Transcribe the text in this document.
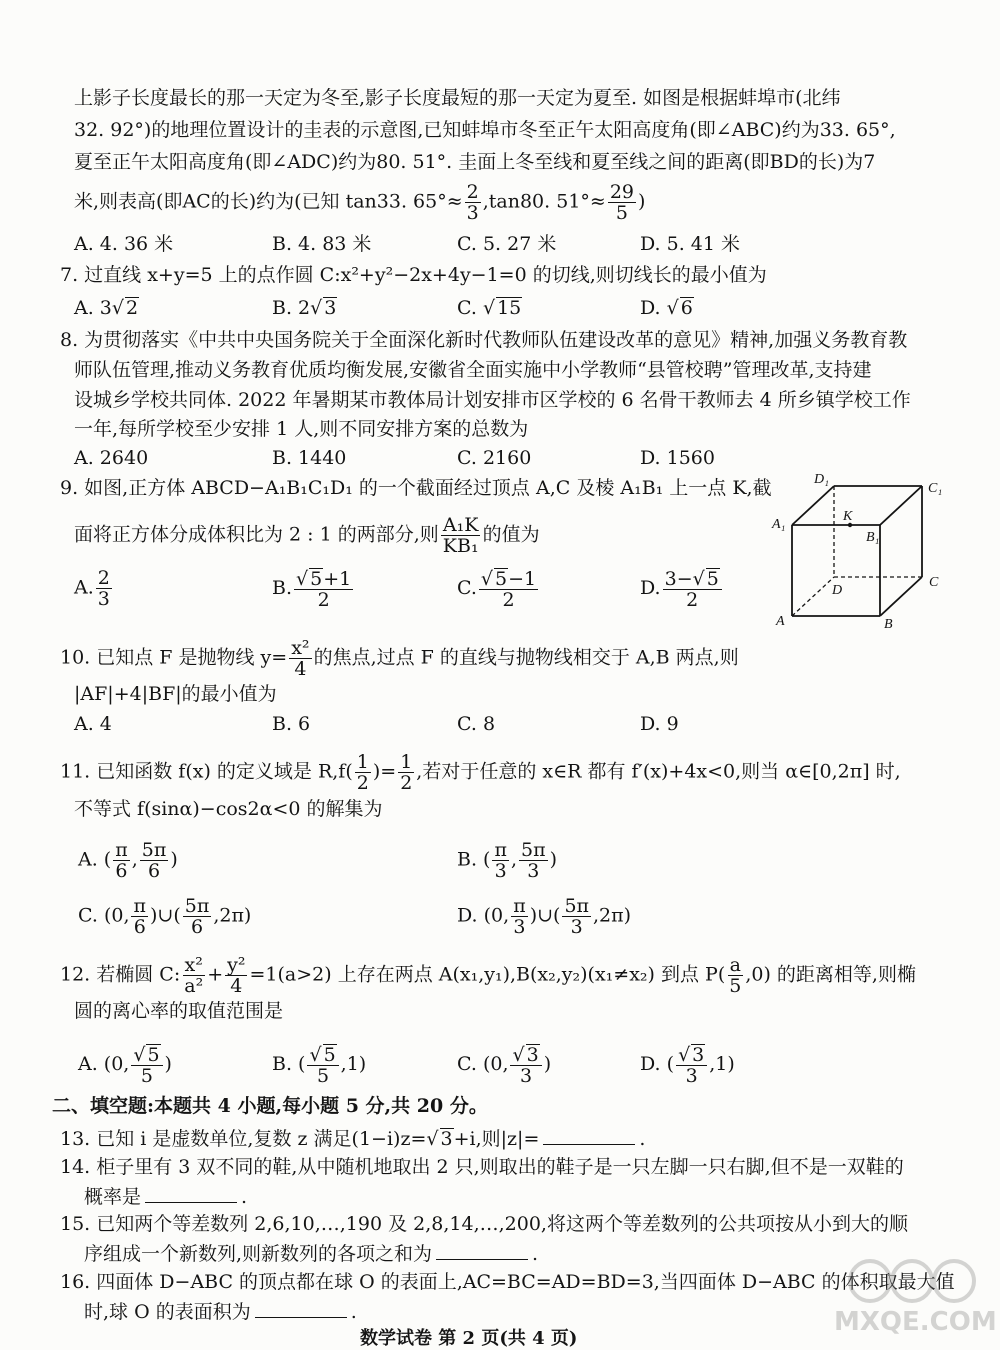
上影子长度最长的那一天定为冬至,影子长度最短的那一天定为夏至. 如图是根据蚌埠市(北纬
32. 92°)的地理位置设计的圭表的示意图,已知蚌埠市冬至正午太阳高度角(即∠ABC)约为33. 65°,
夏至正午太阳高度角(即∠ADC)约为80. 51°. 圭面上冬至线和夏至线之间的距离(即BD的长)为7
米,则表高(即AC的长)约为(已知 tan33. $65^\circ\approx \frac{2}{3} ,\tan 80$. $51^\circ\approx \frac{29}{5}$ )
A. 4. 36 米	B. 4. 83 米	C. 5. 27 米	D. 5. 41 米
7. 过直线 x+y=5 上的点作圆 C:x²+y²−2x+4y−1=0 的切线,则切线长的最小值为
A. 3√ 2	B. 2√ 3	C. √ 15	D. √ 6
8. 为贯彻落实《中共中央国务院关于全面深化新时代教师队伍建设改革的意见》精神,加强义务教育教
师队伍管理,推动义务教育优质均衡发展,安徽省全面实施中小学教师“县管校聘”管理改革,支持建
设城乡学校共同体. 2022 年暑期某市教体局计划安排市区学校的 6 名骨干教师去 4 所乡镇学校工作
一年,每所学校至少安排 1 人,则不同安排方案的总数为
A. 2640	B. 1440	C. 2160	D. 1560
9. 如图,正方体 ABCD−A₁B₁C₁D₁ 的一个截面经过顶点 A,C 及棱 A₁B₁ 上一点 K,截
面将正方体分成体积比为 2 : 1 的两部分,则 $\frac{\text{A₁K}}{\text{KB₁}}$ 的值为
A. $\frac{2}{3}$	B. $\frac{√ 5+1}{2}$	C. $\frac{√ 5-1}{2}$	D. $\frac{3-√ 5}{2}$
D₁
C₁
A₁
K
B₁
C
D
A	B
10. 已知点 F 是抛物线 $y= \frac{\text{x²}}{4}$ 的焦点,过点 F 的直线与抛物线相交于 A,B 两点,则
|AF|+4|BF|的最小值为
A. 4	B. 6	C. 8	D. 9
11. 已知函数 f(x) 的定义域是 $R,f( \frac{1}{2}$ )= $\frac{1}{2}$ ,若对于任意的 x∈R 都有 f′(x)+4x<0,则当 α∈[0,2π] 时,
不等式 f(sinα)−cos2α<0 的解集为
A. ( $\frac{\pi}{6}$ , $\frac{5\pi}{6}$ )	B. ( $\frac{\pi}{3}$ , $\frac{5\pi}{3}$ )
C. (0, $\frac{\pi}{6}$ )∪( $\frac{5\pi}{6} ,2\pi$)	D. (0, $\frac{\pi}{3}$ )∪( $\frac{5\pi}{3} ,2\pi$)
12. 若椭圆 C: $\frac{\text{x²}}{\text{a²}} + \frac{\text{y²}}{4} =1(a>2)$ 上存在两点 A(x₁,y₁),B(x₂,y₂)(x₁≠x₂) 到点 $P( \frac{a}{5} ,0)$ 的距离相等,则椭
圆的离心率的取值范围是
A. (0, $\frac{√ 5}{5}$ )	B. ( $\frac{√ 5}{5} ,1$)	C. (0, $\frac{√ 3}{3}$ )	D. ( $\frac{√ 3}{3} ,1$)
二、填空题:本题共 4 小题,每小题 5 分,共 20 分。
13. 已知 i 是虚数单位,复数 z 满足(1−i)z=√ 3+i,则|z|=	.
14. 柜子里有 3 双不同的鞋,从中随机地取出 2 只,则取出的鞋子是一只左脚一只右脚,但不是一双鞋的
概率是	.
15. 已知两个等差数列 2,6,10,…,190 及 2,8,14,…,200,将这两个等差数列的公共项按从小到大的顺
序组成一个新数列,则新数列的各项之和为	.
16. 四面体 D−ABC 的顶点都在球 O 的表面上,AC=BC=AD=BD=3,当四面体 D−ABC 的体积取最大值
时,球 O 的表面积为	.
数学试卷 第 2 页(共 4 页)
MXQE.COM
